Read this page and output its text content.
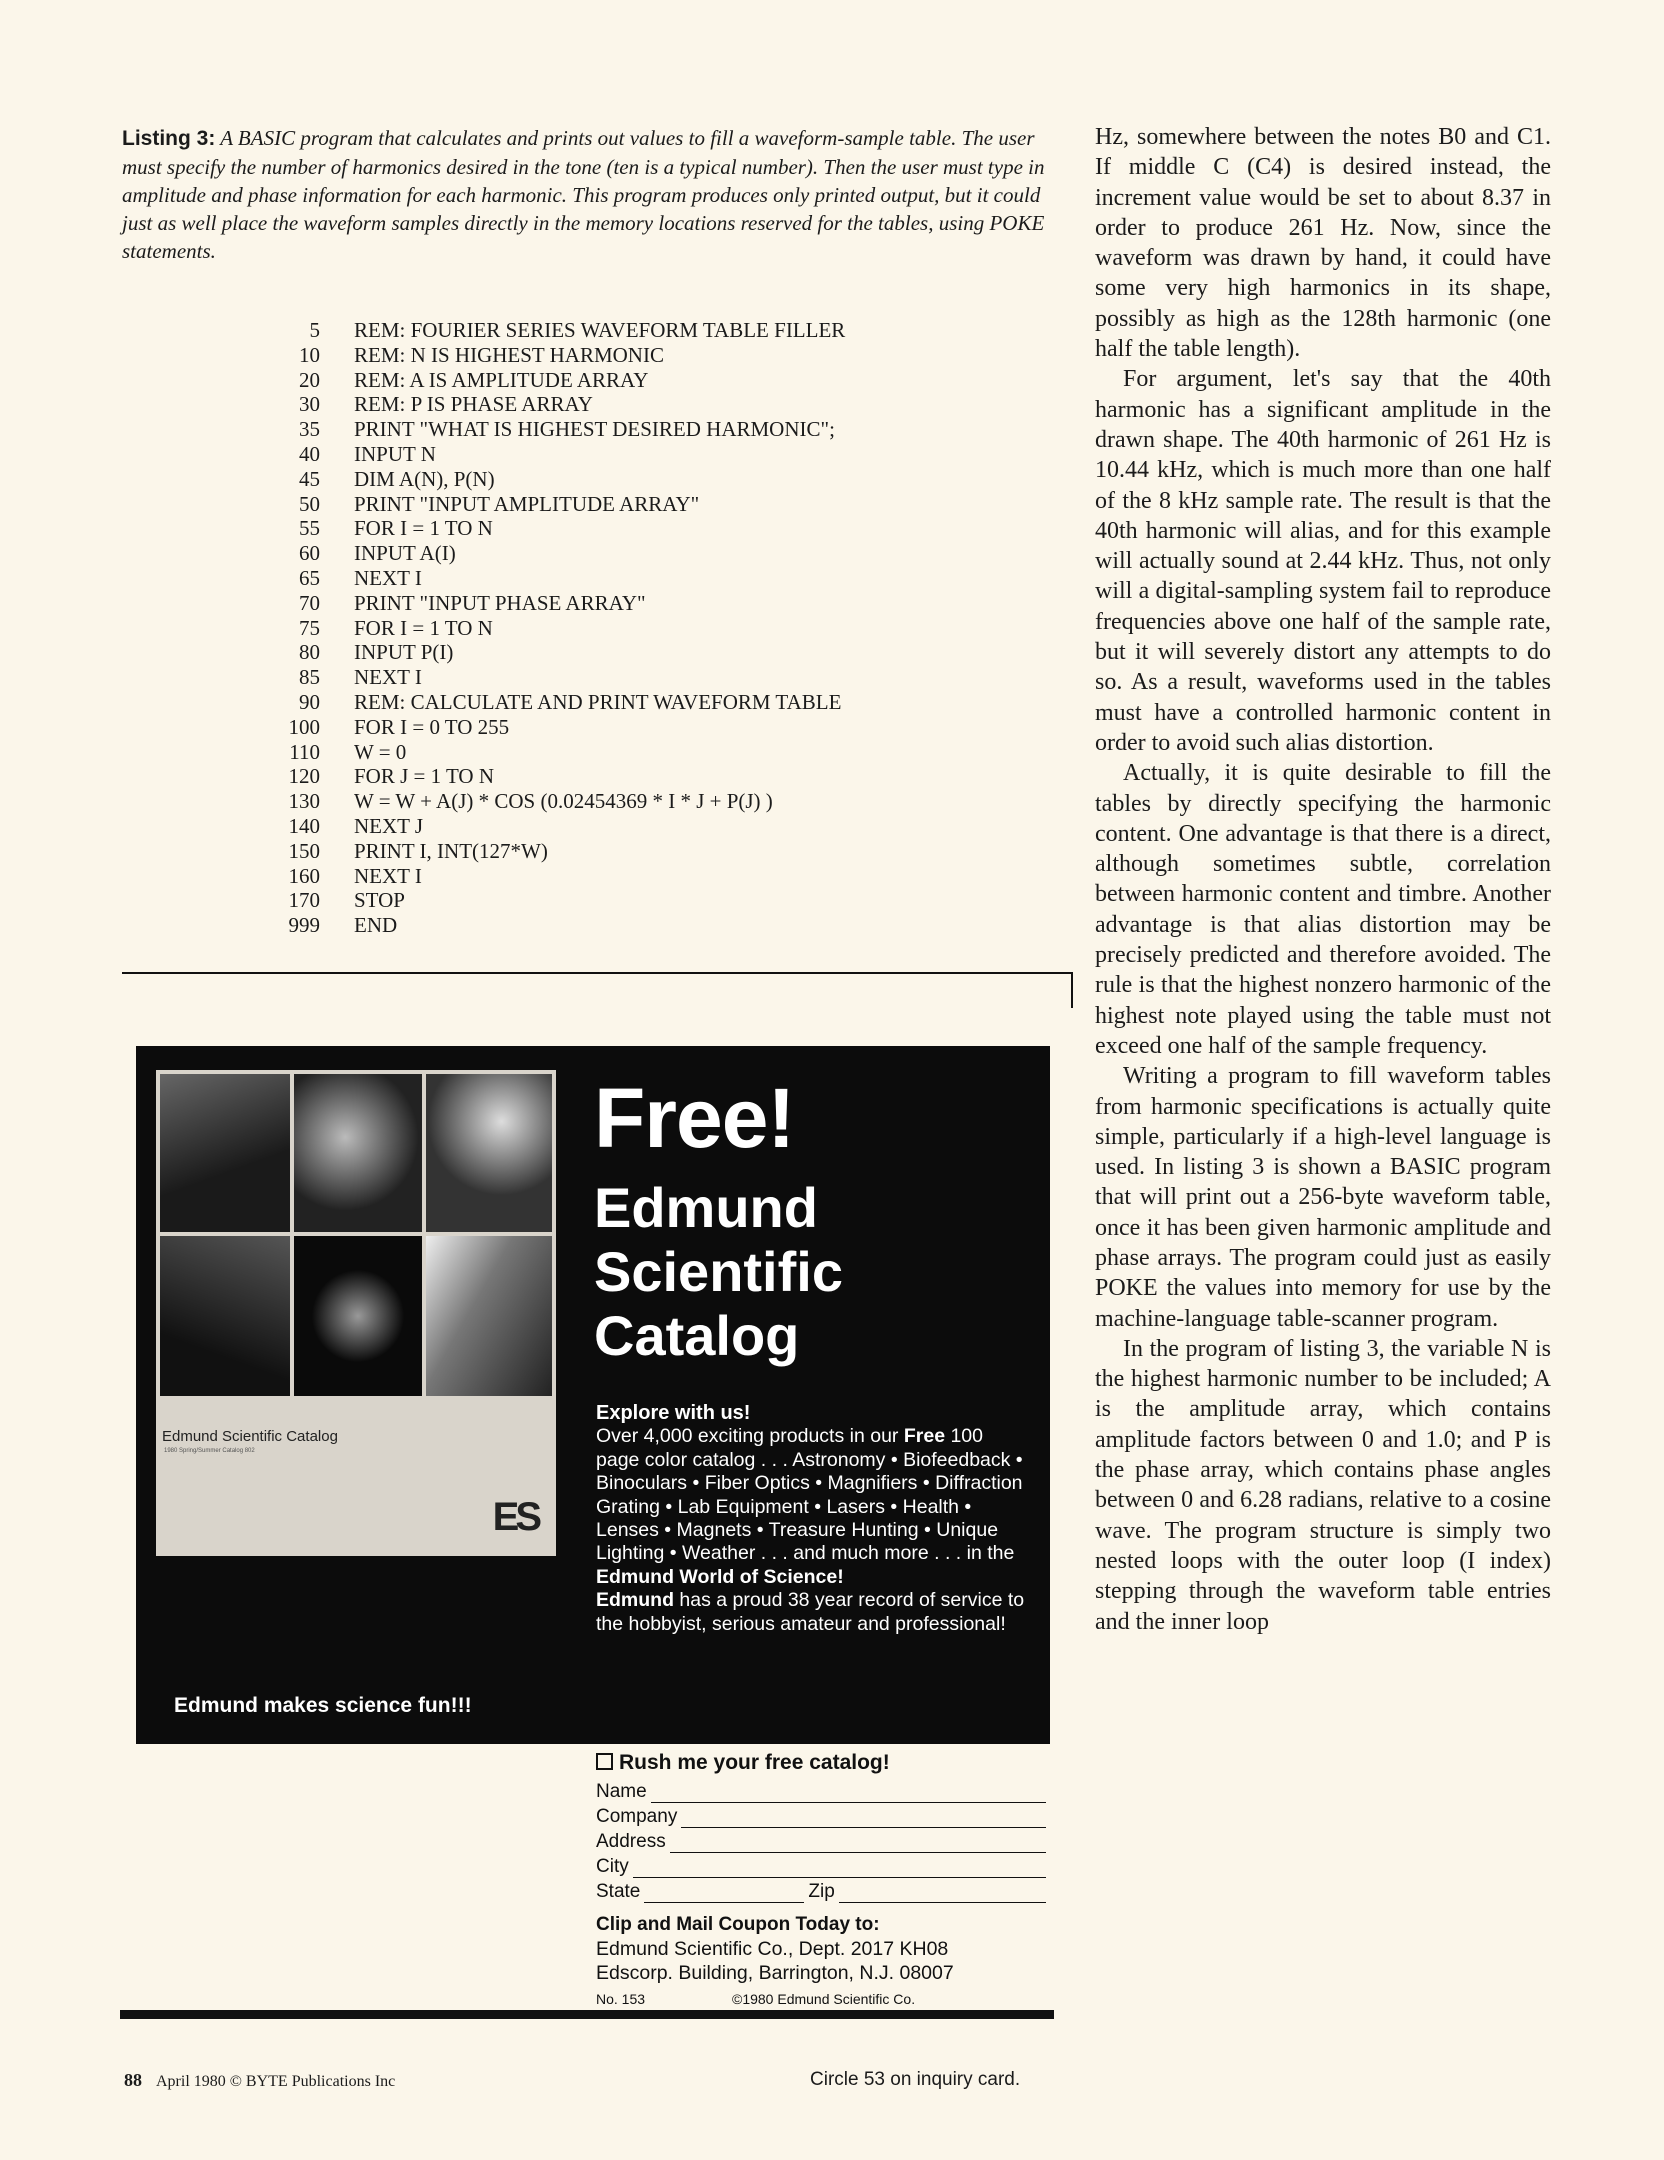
Listing 3: A BASIC program that calculates and prints out values to fill a waveform-sample table. The user must specify the number of harmonics desired in the tone (ten is a typical number). Then the user must type in amplitude and phase information for each harmonic. This program produces only printed output, but it could just as well place the waveform samples directly in the memory locations reserved for the tables, using POKE statements.
5 REM: FOURIER SERIES WAVEFORM TABLE FILLER
10 REM: N IS HIGHEST HARMONIC
20 REM: A IS AMPLITUDE ARRAY
30 REM: P IS PHASE ARRAY
35 PRINT "WHAT IS HIGHEST DESIRED HARMONIC";
40 INPUT N
45 DIM A(N), P(N)
50 PRINT "INPUT AMPLITUDE ARRAY"
55 FOR I = 1 TO N
60 INPUT A(I)
65 NEXT I
70 PRINT "INPUT PHASE ARRAY"
75 FOR I = 1 TO N
80 INPUT P(I)
85 NEXT I
90 REM: CALCULATE AND PRINT WAVEFORM TABLE
100 FOR I = 0 TO 255
110 W = 0
120 FOR J = 1 TO N
130 W = W + A(J) * COS (0.02454369 * I * J + P(J) )
140 NEXT J
150 PRINT I, INT(127*W)
160 NEXT I
170 STOP
999 END

Hz, somewhere between the notes B0 and C1. If middle C (C4) is desired instead, the increment value would be set to about 8.37 in order to produce 261 Hz. Now, since the waveform was drawn by hand, it could have some very high harmonics in its shape, possibly as high as the 128th harmonic (one half the table length).

For argument, let's say that the 40th harmonic has a significant amplitude in the drawn shape. The 40th harmonic of 261 Hz is 10.44 kHz, which is much more than one half of the 8 kHz sample rate. The result is that the 40th harmonic will alias, and for this example will actually sound at 2.44 kHz. Thus, not only will a digital-sampling system fail to reproduce frequencies above one half of the sample rate, but it will severely distort any attempts to do so. As a result, waveforms used in the tables must have a controlled harmonic content in order to avoid such alias distortion.

Actually, it is quite desirable to fill the tables by directly specifying the harmonic content. One advantage is that there is a direct, although sometimes subtle, correlation between harmonic content and timbre. Another advantage is that alias distortion may be precisely predicted and therefore avoided. The rule is that the highest nonzero harmonic of the highest note played using the table must not exceed one half of the sample frequency.

Writing a program to fill waveform tables from harmonic specifications is actually quite simple, particularly if a high-level language is used. In listing 3 is shown a BASIC program that will print out a 256-byte waveform table, once it has been given harmonic amplitude and phase arrays. The program could just as easily POKE the values into memory for use by the machine-language table-scanner program.

In the program of listing 3, the variable N is the highest harmonic number to be included; A is the amplitude array, which contains amplitude factors between 0 and 1.0; and P is the phase array, which contains phase angles between 0 and 6.28 radians, relative to a cosine wave. The program structure is simply two nested loops with the outer loop (I index) stepping through the waveform table entries and the inner loop

Edmund Scientific Catalog
1980 Spring/Summer Catalog 802
ES
Edmund makes science fun!!!
Free!
Edmund
Scientific
Catalog
Explore with us!
Over 4,000 exciting products in our Free 100 page color catalog . . . Astronomy • Biofeedback • Binoculars • Fiber Optics • Magnifiers • Diffraction Grating • Lab Equipment • Lasers • Health • Lenses • Magnets • Treasure Hunting • Unique Lighting • Weather . . . and much more . . . in the Edmund World of Science!
Edmund has a proud 38 year record of service to the hobbyist, serious amateur and professional!
Rush me your free catalog!
Name
Company
Address
City
State	Zip
Clip and Mail Coupon Today to:
Edmund Scientific Co., Dept. 2017 KH08
Edscorp. Building, Barrington, N.J. 08007
No. 153	©1980 Edmund Scientific Co.
88 April 1980 © BYTE Publications Inc	Circle 53 on inquiry card.
